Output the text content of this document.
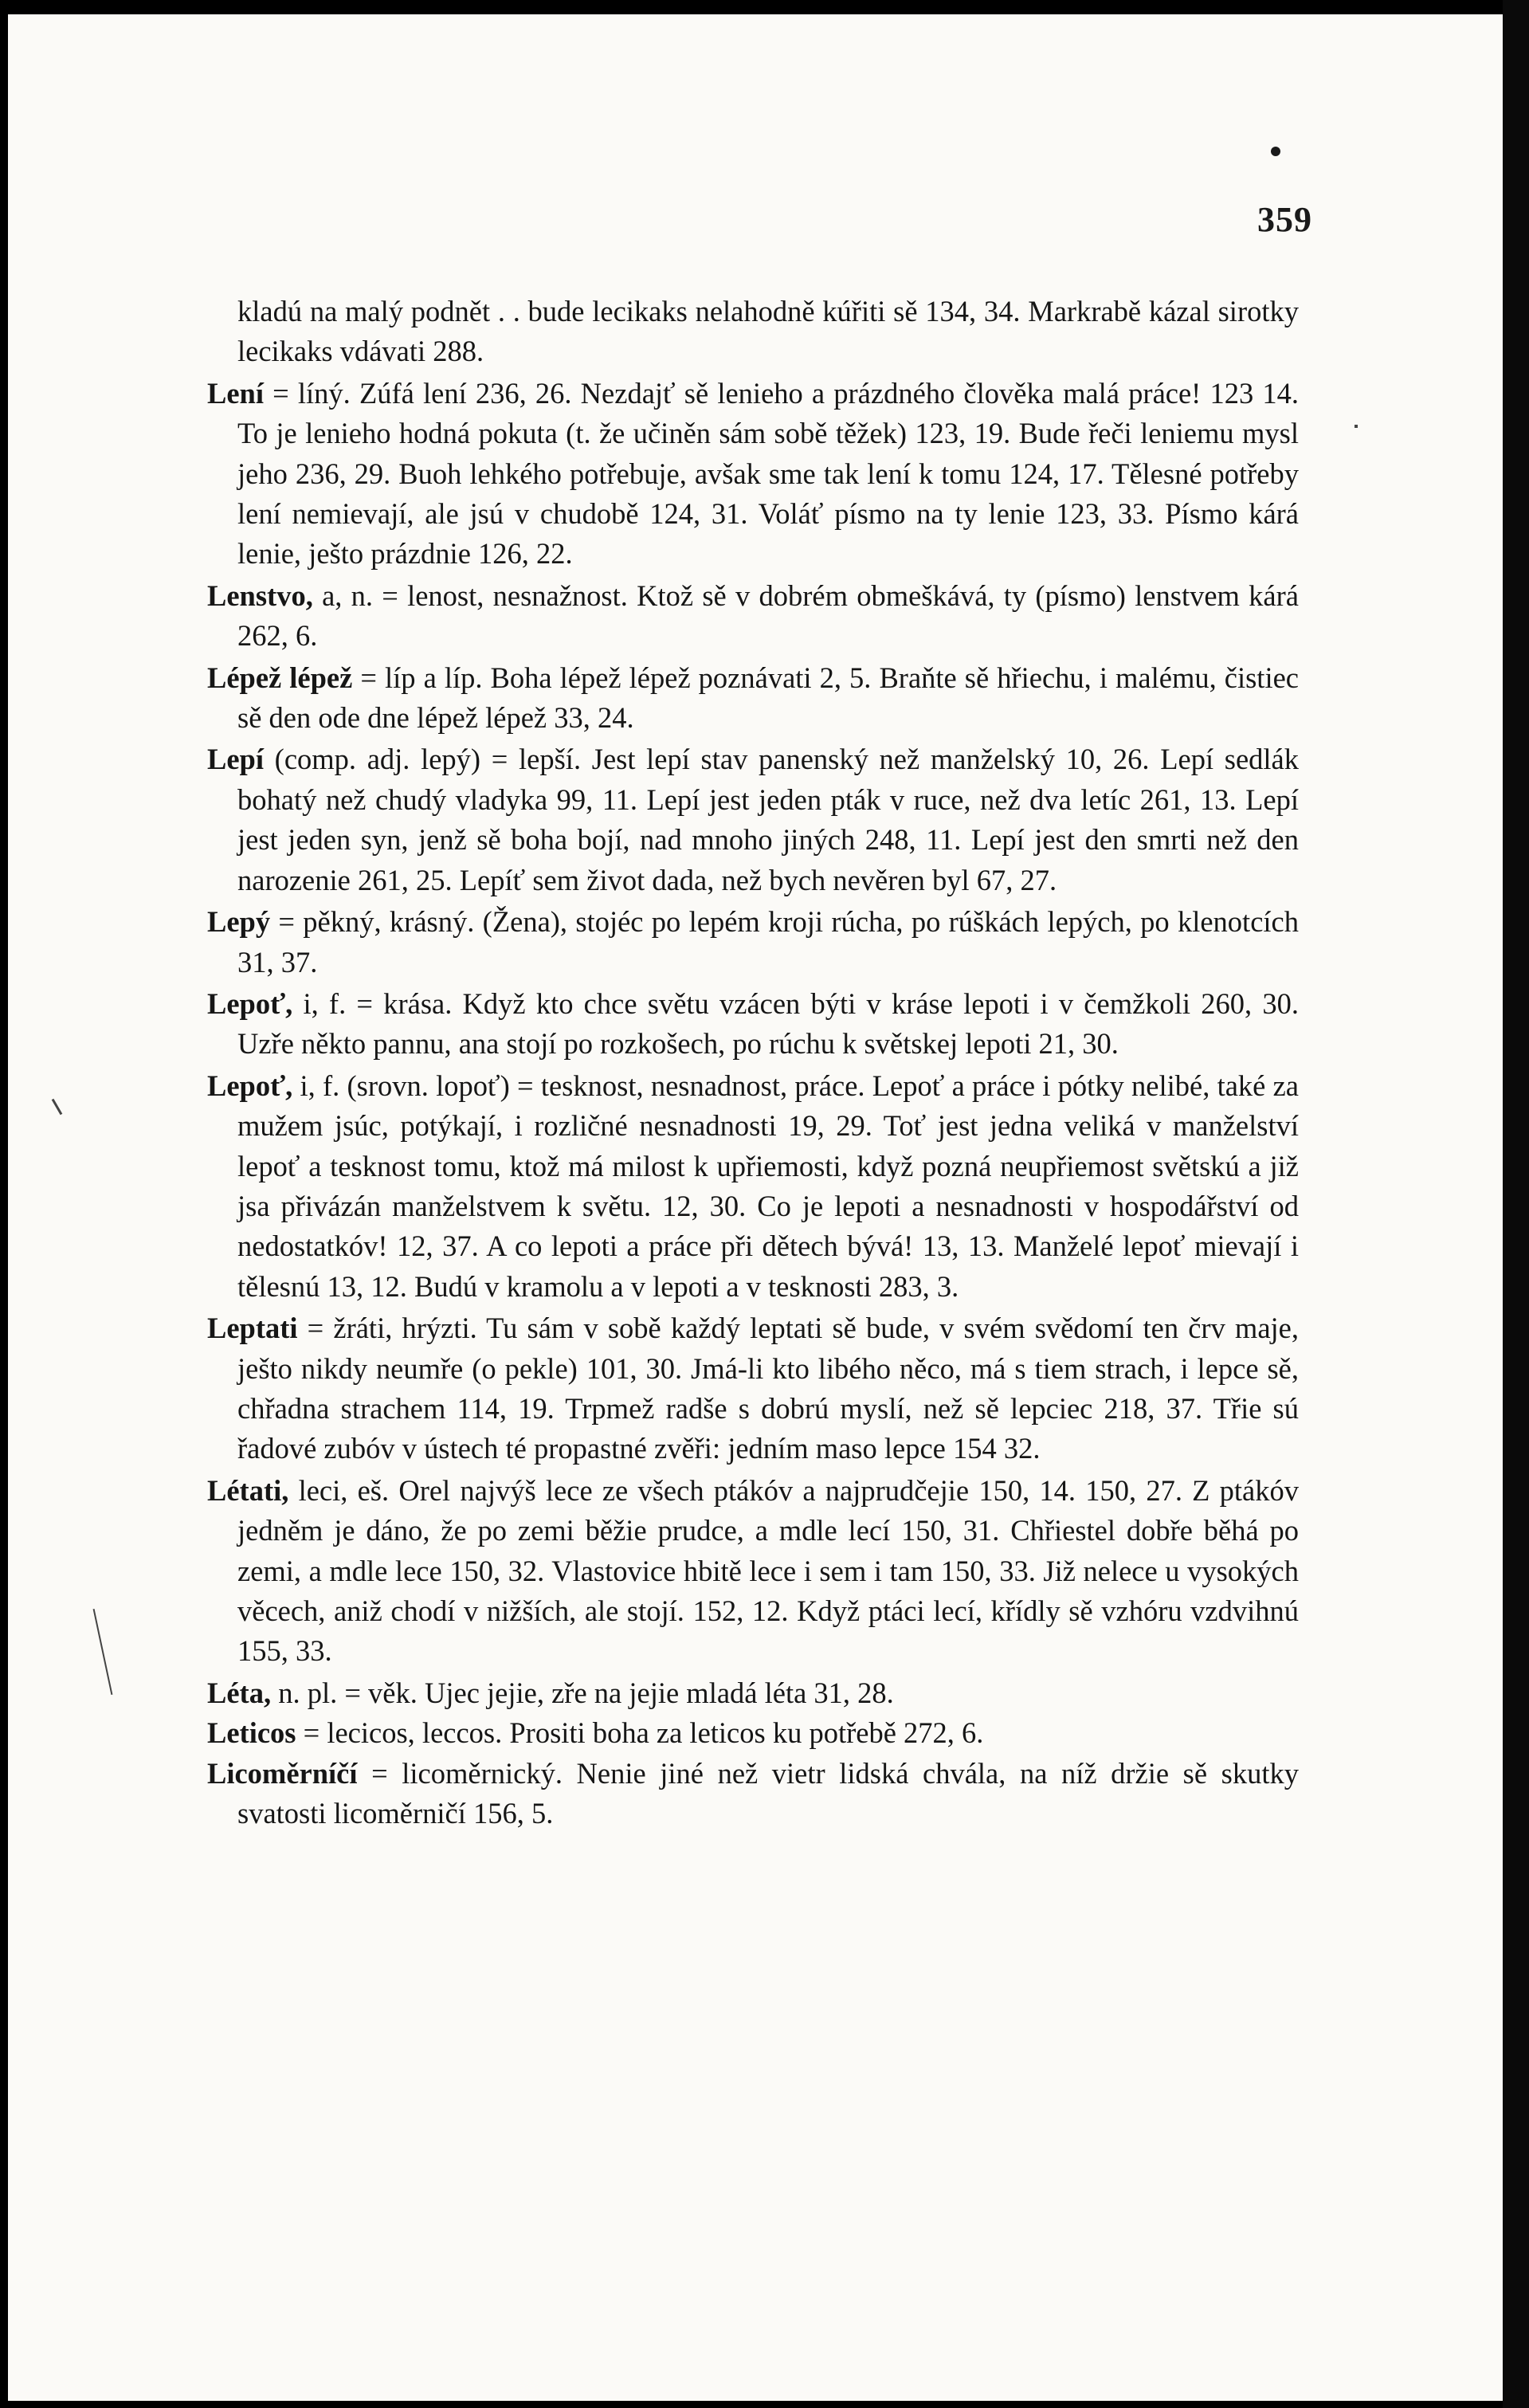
359

kladú na malý podnět . . bude lecikaks nelahodně kúřiti sě 134, 34. Markrabě kázal sirotky lecikaks vdávati 288.

Lení = líný. Zúfá lení 236, 26. Nezdajť sě lenieho a prázdného člověka malá práce! 123 14. To je lenieho hodná pokuta (t. že učiněn sám sobě těžek) 123, 19. Bude řeči leniemu mysl jeho 236, 29. Buoh lehkého potřebuje, avšak sme tak lení k tomu 124, 17. Tělesné potřeby lení nemievají, ale jsú v chudobě 124, 31. Voláť písmo na ty lenie 123, 33. Písmo kárá lenie, ješto prázdnie 126, 22.

Lenstvo, a, n. = lenost, nesnažnost. Ktož sě v dobrém obmeškává, ty (písmo) lenstvem kárá 262, 6.

Lépež lépež = líp a líp. Boha lépež lépež poznávati 2, 5. Braňte sě hřiechu, i malému, čistiec sě den ode dne lépež lépež 33, 24.

Lepí (comp. adj. lepý) = lepší. Jest lepí stav panenský než manželský 10, 26. Lepí sedlák bohatý než chudý vladyka 99, 11. Lepí jest jeden pták v ruce, než dva letíc 261, 13. Lepí jest jeden syn, jenž sě boha bojí, nad mnoho jiných 248, 11. Lepí jest den smrti než den narozenie 261, 25. Lepíť sem život dada, než bych nevěren byl 67, 27.

Lepý = pěkný, krásný. (Žena), stojéc po lepém kroji rúcha, po rúškách lepých, po klenotcích 31, 37.

Lepoť, i, f. = krása. Když kto chce světu vzácen býti v kráse lepoti i v čemžkoli 260, 30. Uzře někto pannu, ana stojí po rozkošech, po rúchu k světskej lepoti 21, 30.

Lepoť, i, f. (srovn. lopoť) = tesknost, nesnadnost, práce. Lepoť a práce i pótky nelibé, také za mužem jsúc, potýkají, i rozličné nesnadnosti 19, 29. Toť jest jedna veliká v manželství lepoť a tesknost tomu, ktož má milost k upřiemosti, když pozná neupřiemost světskú a již jsa přivázán manželstvem k světu. 12, 30. Co je lepoti a nesnadnosti v hospodářství od nedostatkóv! 12, 37. A co lepoti a práce při dětech bývá! 13, 13. Manželé lepoť mievají i tělesnú 13, 12. Budú v kramolu a v lepoti a v tesknosti 283, 3.

Leptati = žráti, hrýzti. Tu sám v sobě každý leptati sě bude, v svém svědomí ten črv maje, ješto nikdy neumře (o pekle) 101, 30. Jmá-li kto libého něco, má s tiem strach, i lepce sě, chřadna strachem 114, 19. Trpmež radše s dobrú myslí, než sě lepciec 218, 37. Třie sú řadové zubóv v ústech té propastné zvěři: jedním maso lepce 154 32.

Létati, leci, eš. Orel najvýš lece ze všech ptákóv a najprudčejie 150, 14. 150, 27. Z ptákóv jedněm je dáno, že po zemi běžie prudce, a mdle lecí 150, 31. Chřiestel dobře běhá po zemi, a mdle lece 150, 32. Vlastovice hbitě lece i sem i tam 150, 33. Již nelece u vysokých věcech, aniž chodí v nižších, ale stojí. 152, 12. Když ptáci lecí, křídly sě vzhóru vzdvihnú 155, 33.

Léta, n. pl. = věk. Ujec jejie, zře na jejie mladá léta 31, 28.

Leticos = lecicos, leccos. Prositi boha za leticos ku potřebě 272, 6.

Licoměrníčí = licoměrnický. Nenie jiné než vietr lidská chvála, na níž držie sě skutky svatosti licoměrničí 156, 5.
